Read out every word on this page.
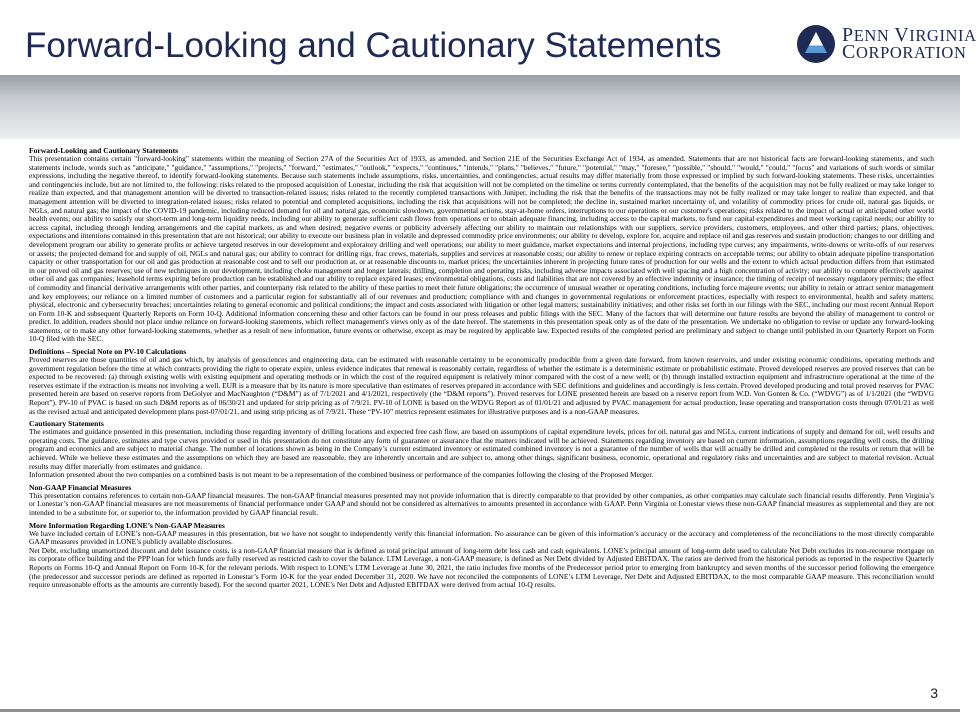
Forward-Looking and Cautionary Statements	PENN VIRGINIA
CORPORATION
Forward-Looking and Cautionary Statements

This presentation contains certain "forward-looking" statements within the meaning of Section 27A of the Securities Act of 1933, as amended, and Section 21E of the Securities Exchange Act of 1934, as amended. Statements that are not historical facts are forward-looking statements, and such statements include, words such as "anticipate," "guidance," "assumptions," "projects," "forward," "estimates," "outlook," "expects," "continues," "intends," "plans," "believes," "future," "potential," "may," "foresee," "possible," "should," "would," "could," "focus" and variations of such words or similar expressions, including the negative thereof, to identify forward-looking statements. Because such statements include assumptions, risks, uncertainties, and contingencies, actual results may differ materially from those expressed or implied by such forward-looking statements. These risks, uncertainties and contingencies include, but are not limited to, the following: risks related to the proposed acquisition of Lonestar, including the risk that acquisition will not be completed on the timeline or terms currently contemplated, that the benefits of the acquisition may not be fully realized or may take longer to realize than expected, and that management attention will be diverted to transaction-related issues; risks related to the recently completed transactions with Juniper, including the risk that the benefits of the transactions may not be fully realized or may take longer to realize than expected, and that management attention will be diverted to integration-related issues; risks related to potential and completed acquisitions, including the risk that acquisitions will not be completed; the decline in, sustained market uncertainty of, and volatility of commodity prices for crude oil, natural gas liquids, or NGLs, and natural gas; the impact of the COVID-19 pandemic, including reduced demand for oil and natural gas, economic slowdown, governmental actions, stay-at-home orders, interruptions to our operations or our customer's operations; risks related to the impact of actual or anticipated other world health events; our ability to satisfy our short-term and long-term liquidity needs, including our ability to generate sufficient cash flows from operations or to obtain adequate financing, including access to the capital markets, to fund our capital expenditures and meet working capital needs; our ability to access capital, including through lending arrangements and the capital markets, as and when desired; negative events or publicity adversely affecting our ability to maintain our relationships with our suppliers, service providers, customers, employees, and other third parties; plans, objectives, expectations and intentions contained in this presentation that are not historical; our ability to execute our business plan in volatile and depressed commodity price environments; our ability to develop, explore for, acquire and replace oil and gas reserves and sustain production; changes to our drilling and development program our ability to generate profits or achieve targeted reserves in our development and exploratory drilling and well operations; our ability to meet guidance, market expectations and internal projections, including type curves; any impairments, write-downs or write-offs of our reserves or assets; the projected demand for and supply of oil, NGLs and natural gas; our ability to contract for drilling rigs, frac crews, materials, supplies and services at reasonable costs; our ability to renew or replace expiring contracts on acceptable terms; our ability to obtain adequate pipeline transportation capacity or other transportation for our oil and gas production at reasonable cost and to sell our production at, or at reasonable discounts to, market prices; the uncertainties inherent in projecting future rates of production for our wells and the extent to which actual production differs from that estimated in our proved oil and gas reserves; use of new techniques in our development, including choke management and longer laterals; drilling, completion and operating risks, including adverse impacts associated with well spacing and a high concentration of activity; our ability to compete effectively against other oil and gas companies; leasehold terms expiring before production can be established and our ability to replace expired leases; environmental obligations, costs and liabilities that are not covered by an effective indemnity or insurance; the timing of receipt of necessary regulatory permits; the effect of commodity and financial derivative arrangements with other parties, and counterparty risk related to the ability of these parties to meet their future obligations; the occurrence of unusual weather or operating conditions, including force majeure events; our ability to retain or attract senior management and key employees; our reliance on a limited number of customers and a particular region for substantially all of our revenues and production; compliance with and changes in governmental regulations or enforcement practices, especially with respect to environmental, health and safety matters; physical, electronic and cybersecurity breaches; uncertainties relating to general economic and political conditions; the impact and costs associated with litigation or other legal matters; sustainability initiatives; and other risks set forth in our filings with the SEC, including our most recent Annual Report on Form 10-K and subsequent Quarterly Reports on Form 10-Q. Additional information concerning these and other factors can be found in our press releases and public filings with the SEC. Many of the factors that will determine our future results are beyond the ability of management to control or predict. In addition, readers should not place undue reliance on forward-looking statements, which reflect management's views only as of the date hereof. The statements in this presentation speak only as of the date of the presentation. We undertake no obligation to revise or update any forward-looking statements, or to make any other forward-looking statements, whether as a result of new information, future events or otherwise, except as may be required by applicable law. Expected results of the completed period are preliminary and subject to change until published in our Quarterly Report on Form 10-Q filed with the SEC.

Definitions – Special Note on PV-10 Calculations

Proved reserves are those quantities of oil and gas which, by analysis of geosciences and engineering data, can be estimated with reasonable certainty to be economically producible from a given date forward, from known reservoirs, and under existing economic conditions, operating methods and government regulation before the time at which contracts providing the right to operate expire, unless evidence indicates that renewal is reasonably certain, regardless of whether the estimate is a deterministic estimate or probabilistic estimate. Proved developed reserves are proved reserves that can be expected to be recovered: (a) through existing wells with existing equipment and operating methods or in which the cost of the required equipment is relatively minor compared with the cost of a new well; or (b) through installed extraction equipment and infrastructure operational at the time of the reserves estimate if the extraction is means not involving a well. EUR is a measure that by its nature is more speculative than estimates of reserves prepared in accordance with SEC definitions and guidelines and accordingly is less certain. Proved developed producing and total proved reserves for PVAC presented herein are based on reserve reports from DeGolyer and MacNaughton (“D&M”) as of 7/1/2021 and 4/1/2021, respectively (the “D&M reports”). Proved reserves for LONE presented herein are based on a reserve report from W.D. Von Gonten & Co. (“WDVG”) as of 1/1/2021 (the “WDVG Report”). PV-10 of PVAC is based on such D&M reports as of 06/30/21 and updated for strip pricing as of 7/9/21. PV-10 of LONE is based on the WDVG Report as of 01/01/21 and adjusted by PVAC management for actual production, lease operating and transportation costs through 07/01/21 as well as the revised actual and anticipated development plans post-07/01/21, and using strip pricing as of 7/9/21. These “PV-10” metrics represent estimates for illustrative purposes and is a non-GAAP measures.

Cautionary Statements

The estimates and guidance presented in this presentation, including those regarding inventory of drilling locations and expected free cash flow, are based on assumptions of capital expenditure levels, prices for oil, natural gas and NGLs, current indications of supply and demand for oil, well results and operating costs. The guidance, estimates and type curves provided or used in this presentation do not constitute any form of guarantee or assurance that the matters indicated will be achieved. Statements regarding inventory are based on current information, assumptions regarding well costs, the drilling program and economics and are subject to material change. The number of locations shown as being in the Company’s current estimated inventory or estimated combined inventory is not a guarantee of the number of wells that will actually be drilled and completed or the results or return that will be achieved. While we believe these estimates and the assumptions on which they are based are reasonable, they are inherently uncertain and are subject to, among other things, significant business, economic, operational and regulatory risks and uncertainties and are subject to material revision. Actual results may differ materially from estimates and guidance.

Information presented about the two companies on a combined basis is not meant to be a representation of the combined business or performance of the companies following the closing of the Proposed Merger.

Non-GAAP Financial Measures

This presentation contains references to certain non-GAAP financial measures. The non-GAAP financial measures presented may not provide information that is directly comparable to that provided by other companies, as other companies may calculate such financial results differently. Penn Virginia’s or Lonestar’s non-GAAP financial measures are not measurements of financial performance under GAAP and should not be considered as alternatives to amounts presented in accordance with GAAP. Penn Virginia or Lonestar views these non-GAAP financial measures as supplemental and they are not intended to be a substitute for, or superior to, the information provided by GAAP financial result.

More Information Regarding LONE’s Non-GAAP Measures

We have included certain of LONE’s non-GAAP measures in this presentation, but we have not sought to independently verify this financial information. No assurance can be given of this information’s accuracy or the accuracy and completeness of the reconciliations to the most directly comparable GAAP measures provided in LONE’s publicly available disclosures.

Net Debt, excluding unamortized discount and debt issuance costs, is a non-GAAP financial measure that is defined as total principal amount of long-term debt less cash and cash equivalents. LONE’s principal amount of long-term debt used to calculate Net Debt excludes its non-recourse mortgage on its corporate office building and the PPP loan for which funds are fully reserved as restricted cash to cover the balance. LTM Leverage, a non-GAAP measure, is defined as Net Debt divided by Adjusted EBITDAX. The ratios are derived from the historical periods as reported in the respective Quarterly Reports on Forms 10-Q and Annual Report on Form 10-K for the relevant periods. With respect to LONE’s LTM Leverage at June 30, 2021, the ratio includes five months of the Predecessor period prior to emerging from bankruptcy and seven months of the successor period following the emergence (the predecessor and successor periods are defined as reported in Lonestar’s Form 10-K for the year ended December 31, 2020. We have not reconciled the components of LONE’s LTM Leverage, Net Debt and Adjusted EBITDAX, to the most comparable GAAP measure. This reconciliation would require unreasonable efforts as the amounts are currently based). For the second quarter 2021, LONE’s Net Debt and Adjusted EBITDAX were derived from actual 10-Q results.

3
